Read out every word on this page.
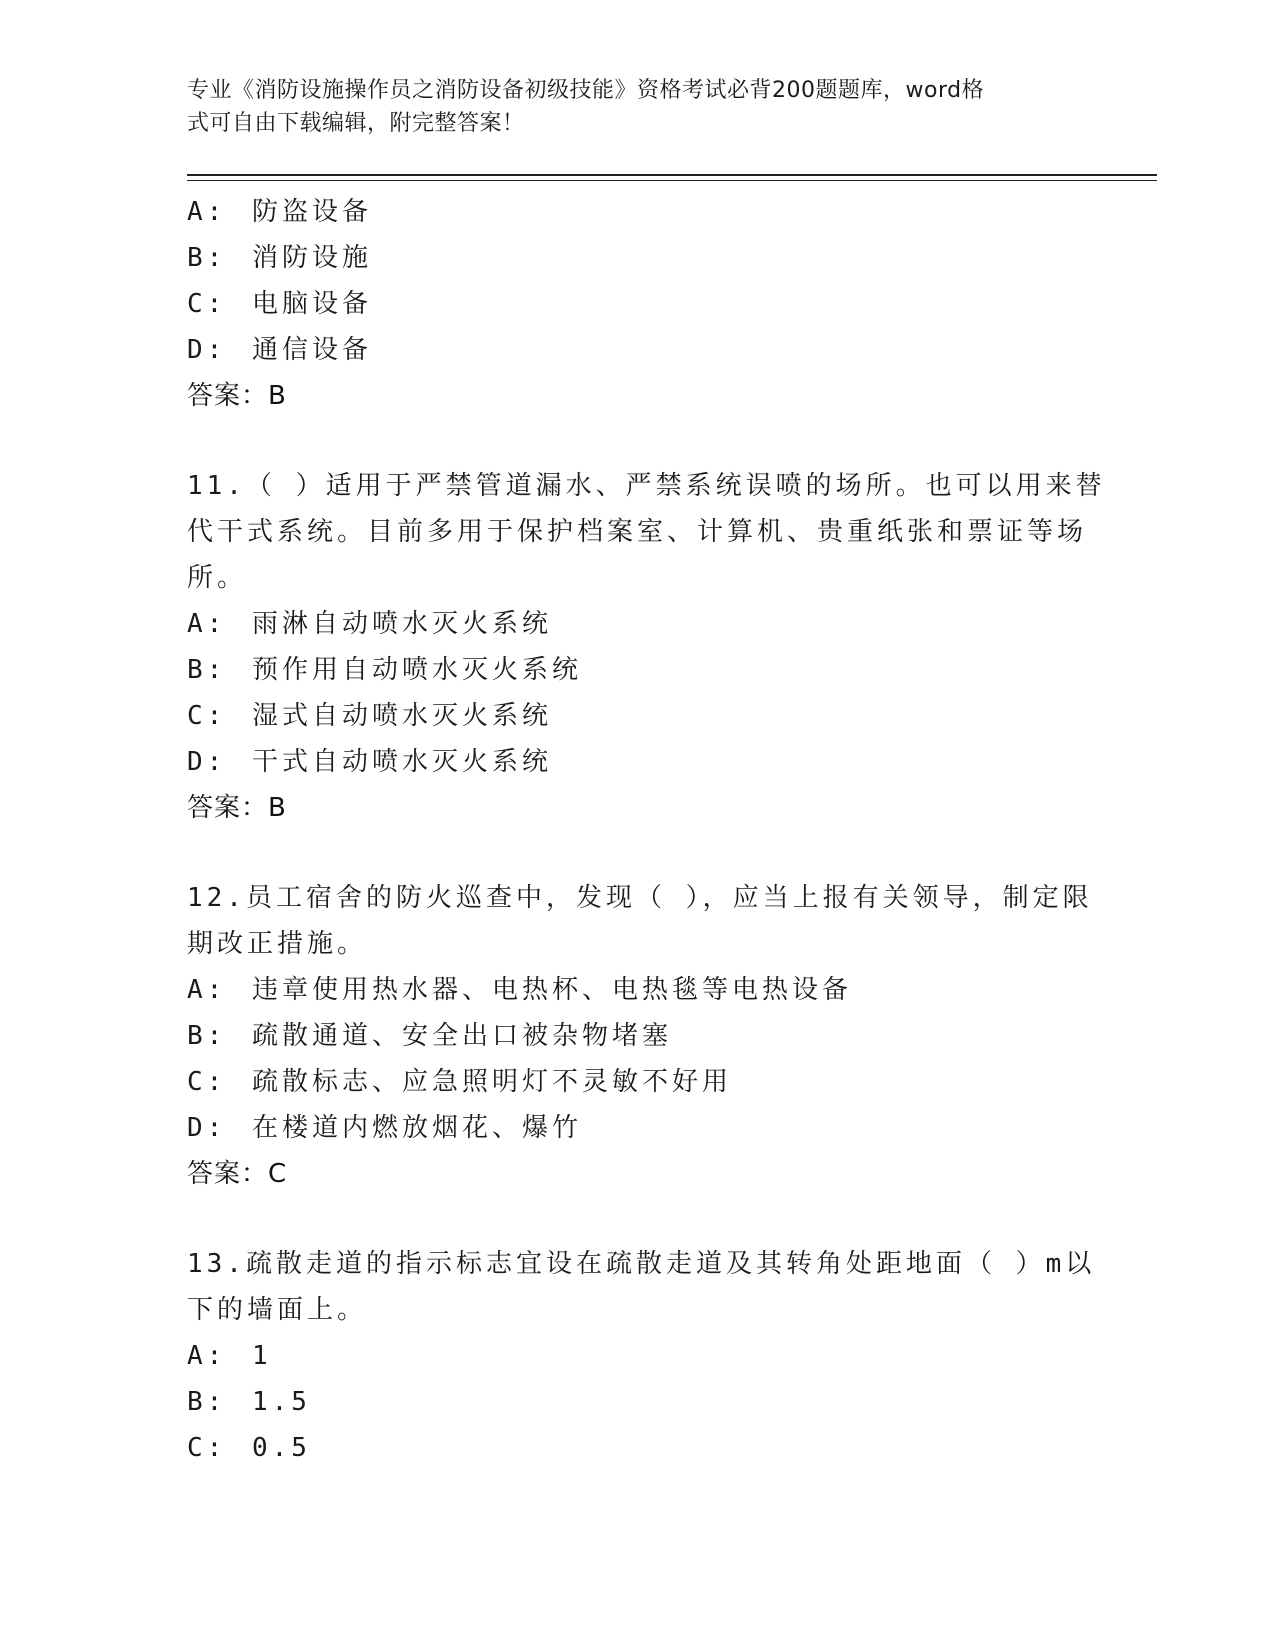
专业《消防设施操作员之消防设备初级技能》资格考试必背200题题库，word格
式可自由下载编辑，附完整答案！
A: 防盗设备
B: 消防设施
C: 电脑设备
D: 通信设备
答案：B
11.（ ）适用于严禁管道漏水、严禁系统误喷的场所。也可以用来替
代干式系统。目前多用于保护档案室、计算机、贵重纸张和票证等场
所。
A: 雨淋自动喷水灭火系统
B: 预作用自动喷水灭火系统
C: 湿式自动喷水灭火系统
D: 干式自动喷水灭火系统
答案：B
12.员工宿舍的防火巡查中，发现（ ），应当上报有关领导，制定限
期改正措施。
A: 违章使用热水器、电热杯、电热毯等电热设备
B: 疏散通道、安全出口被杂物堵塞
C: 疏散标志、应急照明灯不灵敏不好用
D: 在楼道内燃放烟花、爆竹
答案：C
13.疏散走道的指示标志宜设在疏散走道及其转角处距地面（ ）m以
下的墙面上。
A: 1
B: 1.5
C: 0.5
